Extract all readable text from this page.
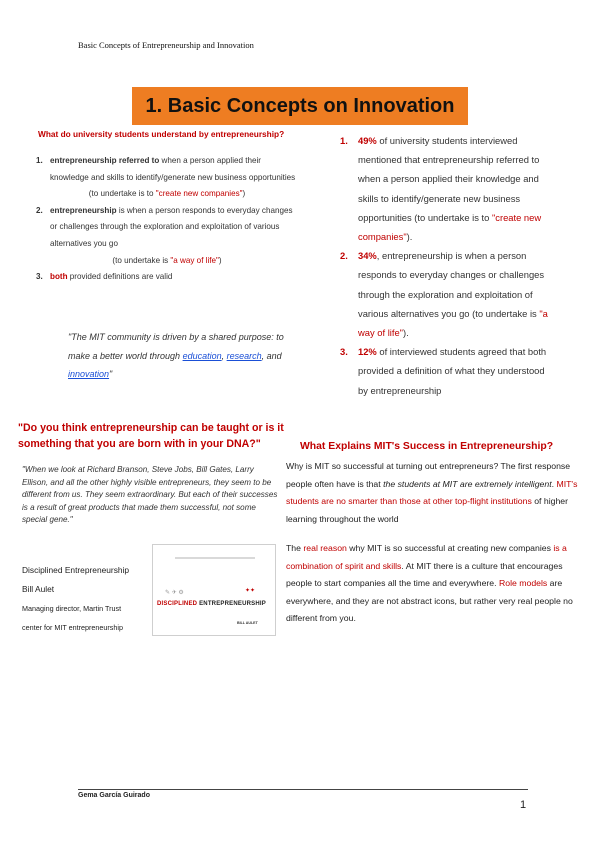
Basic Concepts of Entrepreneurship and Innovation
1. Basic Concepts on Innovation
What do university students understand by entrepreneurship?
1. entrepreneurship referred to when a person applied their knowledge and skills to identify/generate new business opportunities
(to undertake is to "create new companies")
2. entrepreneurship is when a person responds to everyday changes or challenges through the exploration and exploitation of various alternatives you go
(to undertake is "a way of life")
3. both provided definitions are valid
"The MIT community is driven by a shared purpose: to make a better world through education, research, and innovation"
1. 49% of university students interviewed mentioned that entrepreneurship referred to when a person applied their knowledge and skills to identify/generate new business opportunities (to undertake is to "create new companies").
2. 34%, entrepreneurship is when a person responds to everyday changes or challenges through the exploration and exploitation of various alternatives you go (to undertake is "a way of life").
3. 12% of interviewed students agreed that both provided a definition of what they understood by entrepreneurship
"Do you think entrepreneurship can be taught or is it something that you are born with in your DNA?"
"When we look at Richard Branson, Steve Jobs, Bill Gates, Larry Ellison, and all the other highly visible entrepreneurs, they seem to be different from us. They seem extraordinary. But each of their successes is a result of great products that made them successful, not some special gene."
Disciplined Entrepreneurship
Bill Aulet
Managing director, Martin Trust
center for MIT entrepreneurship
✎ ✈ ⚙	✦✦
DISCIPLINED ENTREPRENEURSHIP
BILL AULET
What Explains MIT's Success in Entrepreneurship?
Why is MIT so successful at turning out entrepreneurs? The first response people often have is that the students at MIT are extremely intelligent. MIT's students are no smarter than those at other top-flight institutions of higher learning throughout the world
The real reason why MIT is so successful at creating new companies is a combination of spirit and skills. At MIT there is a culture that encourages people to start companies all the time and everywhere. Role models are everywhere, and they are not abstract icons, but rather very real people no different from you.
Gema García Guirado
1
